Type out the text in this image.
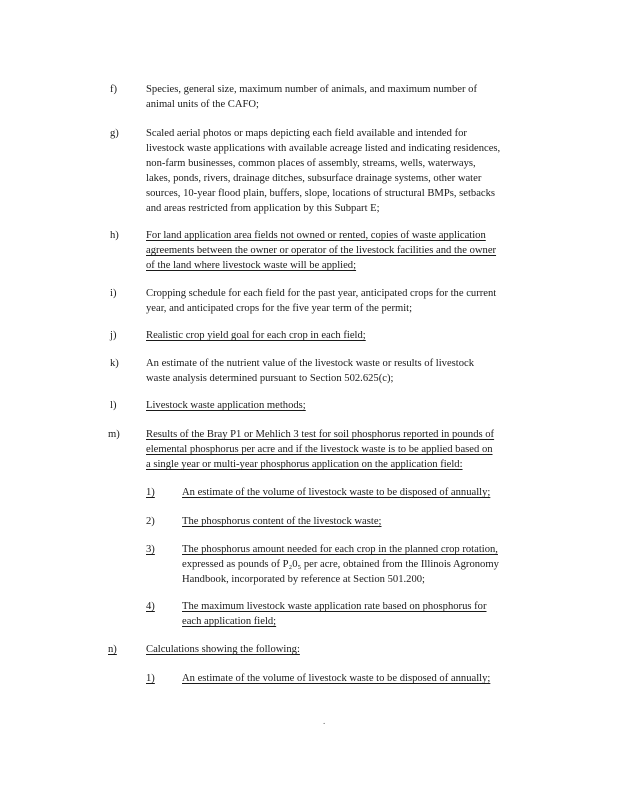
f)	Species, general size, maximum number of animals, and maximum number of
animal units of the CAFO;
g)	Scaled aerial photos or maps depicting each field available and intended for
livestock waste applications with available acreage listed and indicating residences,
non-farm businesses, common places of assembly, streams, wells, waterways,
lakes, ponds, rivers, drainage ditches, subsurface drainage systems, other water
sources, 10-year flood plain, buffers, slope, locations of structural BMPs, setbacks
and areas restricted from application by this Subpart E;
h)	For land application area fields not owned or rented, copies of waste application
agreements between the owner or operator of the livestock facilities and the owner
of the land where livestock waste will be applied;
i)	Cropping schedule for each field for the past year, anticipated crops for the current
year, and anticipated crops for the five year term of the permit;
j)	Realistic crop yield goal for each crop in each field;
k)	An estimate of the nutrient value of the livestock waste or results of livestock
waste analysis determined pursuant to Section 502.625(c);
l)	Livestock waste application methods;
m) Results of the Bray P1 or Mehlich 3 test for soil phosphorus reported in pounds of
elemental phosphorus per acre and if the livestock waste is to be applied based on
a single year or multi-year phosphorus application on the application field:
1)	An estimate of the volume of livestock waste to be disposed of annually;
2)	The phosphorus content of the livestock waste;
3)	The phosphorus amount needed for each crop in the planned crop rotation,
expressed as pounds of P₂0₅ per acre, obtained from the Illinois Agronomy
Handbook, incorporated by reference at Section 501.200;
4)	The maximum livestock waste application rate based on phosphorus for
each application field;
n)	Calculations showing the following:
1)	An estimate of the volume of livestock waste to be disposed of annually;
.
